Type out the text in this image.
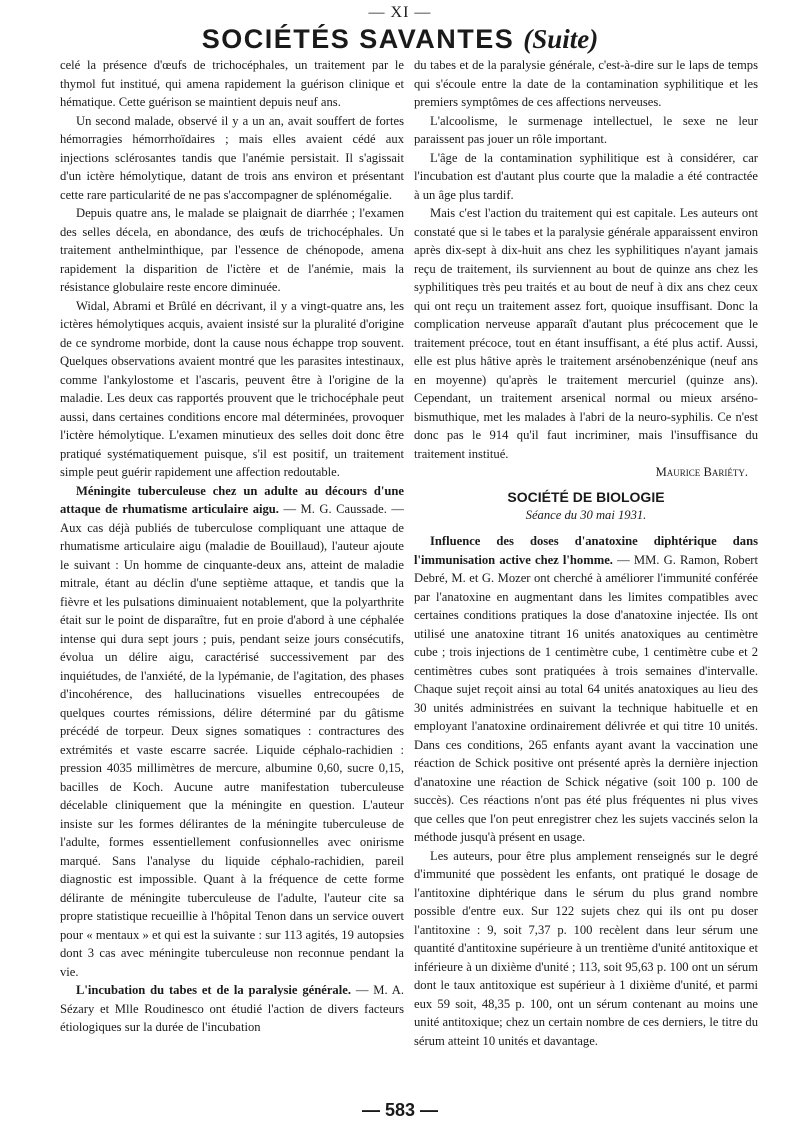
— XI —
SOCIÉTÉS SAVANTES (Suite)

celé la présence d'œufs de trichocéphales, un traitement par le thymol fut institué, qui amena rapidement la guérison clinique et hématique. Cette guérison se maintient depuis neuf ans.

Un second malade, observé il y a un an, avait souffert de fortes hémorragies hémorrhoïdaires ; mais elles avaient cédé aux injections sclérosantes tandis que l'anémie persistait. Il s'agissait d'un ictère hémolytique, datant de trois ans environ et présentant cette rare particularité de ne pas s'accompagner de splénomégalie.

Depuis quatre ans, le malade se plaignait de diarrhée ; l'examen des selles décela, en abondance, des œufs de trichocéphales. Un traitement anthelminthique, par l'essence de chénopode, amena rapidement la disparition de l'ictère et de l'anémie, mais la résistance globulaire reste encore diminuée.

Widal, Abrami et Brûlé en décrivant, il y a vingt-quatre ans, les ictères hémolytiques acquis, avaient insisté sur la pluralité d'origine de ce syndrome morbide, dont la cause nous échappe trop souvent. Quelques observations avaient montré que les parasites intestinaux, comme l'ankylostome et l'ascaris, peuvent être à l'origine de la maladie. Les deux cas rapportés prouvent que le trichocéphale peut aussi, dans certaines conditions encore mal déterminées, provoquer l'ictère hémolytique. L'examen minutieux des selles doit donc être pratiqué systématiquement puisque, s'il est positif, un traitement simple peut guérir rapidement une affection redoutable.

Méningite tuberculeuse chez un adulte au décours d'une attaque de rhumatisme articulaire aigu. — M. G. Caussade. — Aux cas déjà publiés de tuberculose compliquant une attaque de rhumatisme articulaire aigu (maladie de Bouillaud), l'auteur ajoute le suivant : Un homme de cinquante-deux ans, atteint de maladie mitrale, étant au déclin d'une septième attaque, et tandis que la fièvre et les pulsations diminuaient notablement, que la polyarthrite était sur le point de disparaître, fut en proie d'abord à une céphalée intense qui dura sept jours ; puis, pendant seize jours consécutifs, évolua un délire aigu, caractérisé successivement par des inquiétudes, de l'anxiété, de la lypémanie, de l'agitation, des phases d'incohérence, des hallucinations visuelles entrecoupées de quelques courtes rémissions, délire déterminé par du gâtisme précédé de torpeur. Deux signes somatiques : contractures des extrémités et vaste escarre sacrée. Liquide céphalo-rachidien : pression 4035 millimètres de mercure, albumine 0,60, sucre 0,15, bacilles de Koch. Aucune autre manifestation tuberculeuse décelable cliniquement que la méningite en question. L'auteur insiste sur les formes délirantes de la méningite tuberculeuse de l'adulte, formes essentiellement confusionnelles avec onirisme marqué. Sans l'analyse du liquide céphalo-rachidien, pareil diagnostic est impossible. Quant à la fréquence de cette forme délirante de méningite tuberculeuse de l'adulte, l'auteur cite sa propre statistique recueillie à l'hôpital Tenon dans un service ouvert pour « mentaux » et qui est la suivante : sur 113 agités, 19 autopsies dont 3 cas avec méningite tuberculeuse non reconnue pendant la vie.

L'incubation du tabes et de la paralysie générale. — M. A. Sézary et Mlle Roudinesco ont étudié l'action de divers facteurs étiologiques sur la durée de l'incubation

du tabes et de la paralysie générale, c'est-à-dire sur le laps de temps qui s'écoule entre la date de la contamination syphilitique et les premiers symptômes de ces affections nerveuses.

L'alcoolisme, le surmenage intellectuel, le sexe ne leur paraissent pas jouer un rôle important.

L'âge de la contamination syphilitique est à considérer, car l'incubation est d'autant plus courte que la maladie a été contractée à un âge plus tardif.

Mais c'est l'action du traitement qui est capitale. Les auteurs ont constaté que si le tabes et la paralysie générale apparaissent environ après dix-sept à dix-huit ans chez les syphilitiques n'ayant jamais reçu de traitement, ils surviennent au bout de quinze ans chez les syphilitiques très peu traités et au bout de neuf à dix ans chez ceux qui ont reçu un traitement assez fort, quoique insuffisant. Donc la complication nerveuse apparaît d'autant plus précocement que le traitement précoce, tout en étant insuffisant, a été plus actif. Aussi, elle est plus hâtive après le traitement arsénobenzénique (neuf ans en moyenne) qu'après le traitement mercuriel (quinze ans). Cependant, un traitement arsenical normal ou mieux arséno-bismuthique, met les malades à l'abri de la neuro-syphilis. Ce n'est donc pas le 914 qu'il faut incriminer, mais l'insuffisance du traitement institué.

Maurice Bariéty.
SOCIÉTÉ DE BIOLOGIE
Séance du 30 mai 1931.

Influence des doses d'anatoxine diphtérique dans l'immunisation active chez l'homme. — MM. G. Ramon, Robert Debré, M. et G. Mozer ont cherché à améliorer l'immunité conférée par l'anatoxine en augmentant dans les limites compatibles avec certaines conditions pratiques la dose d'anatoxine injectée. Ils ont utilisé une anatoxine titrant 16 unités anatoxiques au centimètre cube ; trois injections de 1 centimètre cube, 1 centimètre cube et 2 centimètres cubes sont pratiquées à trois semaines d'intervalle. Chaque sujet reçoit ainsi au total 64 unités anatoxiques au lieu des 30 unités administrées en suivant la technique habituelle et en employant l'anatoxine ordinairement délivrée et qui titre 10 unités. Dans ces conditions, 265 enfants ayant avant la vaccination une réaction de Schick positive ont présenté après la dernière injection d'anatoxine une réaction de Schick négative (soit 100 p. 100 de succès). Ces réactions n'ont pas été plus fréquentes ni plus vives que celles que l'on peut enregistrer chez les sujets vaccinés selon la méthode jusqu'à présent en usage.

Les auteurs, pour être plus amplement renseignés sur le degré d'immunité que possèdent les enfants, ont pratiqué le dosage de l'antitoxine diphtérique dans le sérum du plus grand nombre possible d'entre eux. Sur 122 sujets chez qui ils ont pu doser l'antitoxine : 9, soit 7,37 p. 100 recèlent dans leur sérum une quantité d'antitoxine supérieure à un trentième d'unité antitoxique et inférieure à un dixième d'unité ; 113, soit 95,63 p. 100 ont un sérum dont le taux antitoxique est supérieur à 1 dixième d'unité, et parmi eux 59 soit, 48,35 p. 100, ont un sérum contenant au moins une unité antitoxique; chez un certain nombre de ces derniers, le titre du sérum atteint 10 unités et davantage.

— 583 —
